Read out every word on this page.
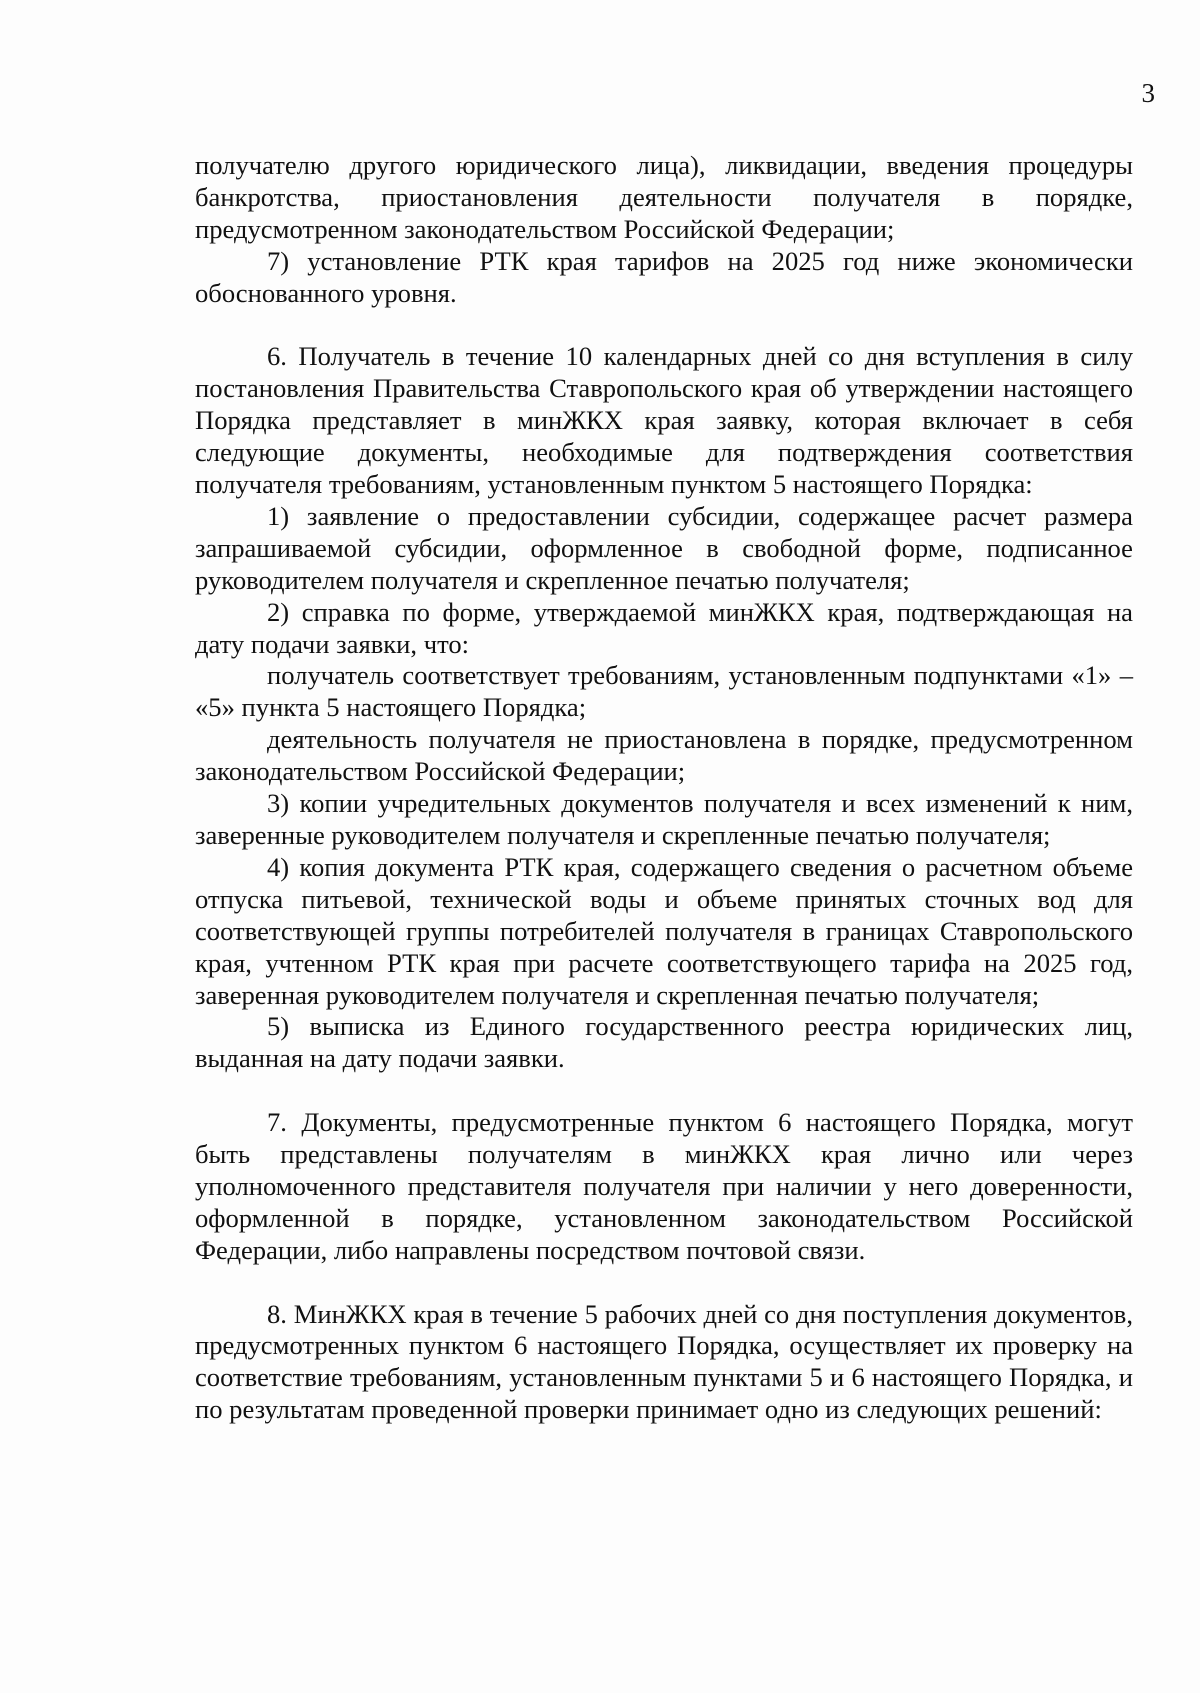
3

получателю другого юридического лица), ликвидации, введения процедуры банкротства, приостановления деятельности получателя в порядке, предусмотренном законодательством Российской Федерации;

7) установление РТК края тарифов на 2025 год ниже экономически обоснованного уровня.

6. Получатель в течение 10 календарных дней со дня вступления в силу постановления Правительства Ставропольского края об утверждении настоящего Порядка представляет в минЖКХ края заявку, которая включает в себя следующие документы, необходимые для подтверждения соответствия получателя требованиям, установленным пунктом 5 настоящего Порядка:

1) заявление о предоставлении субсидии, содержащее расчет размера запрашиваемой субсидии, оформленное в свободной форме, подписанное руководителем получателя и скрепленное печатью получателя;

2) справка по форме, утверждаемой минЖКХ края, подтверждающая на дату подачи заявки, что:

получатель соответствует требованиям, установленным подпунктами «1» – «5» пункта 5 настоящего Порядка;

деятельность получателя не приостановлена в порядке, предусмотренном законодательством Российской Федерации;

3) копии учредительных документов получателя и всех изменений к ним, заверенные руководителем получателя и скрепленные печатью получателя;

4) копия документа РТК края, содержащего сведения о расчетном объеме отпуска питьевой, технической воды и объеме принятых сточных вод для соответствующей группы потребителей получателя в границах Ставропольского края, учтенном РТК края при расчете соответствующего тарифа на 2025 год, заверенная руководителем получателя и скрепленная печатью получателя;

5) выписка из Единого государственного реестра юридических лиц, выданная на дату подачи заявки.

7. Документы, предусмотренные пунктом 6 настоящего Порядка, могут быть представлены получателям в минЖКХ края лично или через уполномоченного представителя получателя при наличии у него доверенности, оформленной в порядке, установленном законодательством Российской Федерации, либо направлены посредством почтовой связи.

8. МинЖКХ края в течение 5 рабочих дней со дня поступления документов, предусмотренных пунктом 6 настоящего Порядка, осуществляет их проверку на соответствие требованиям, установленным пунктами 5 и 6 настоящего Порядка, и по результатам проведенной проверки принимает одно из следующих решений:
